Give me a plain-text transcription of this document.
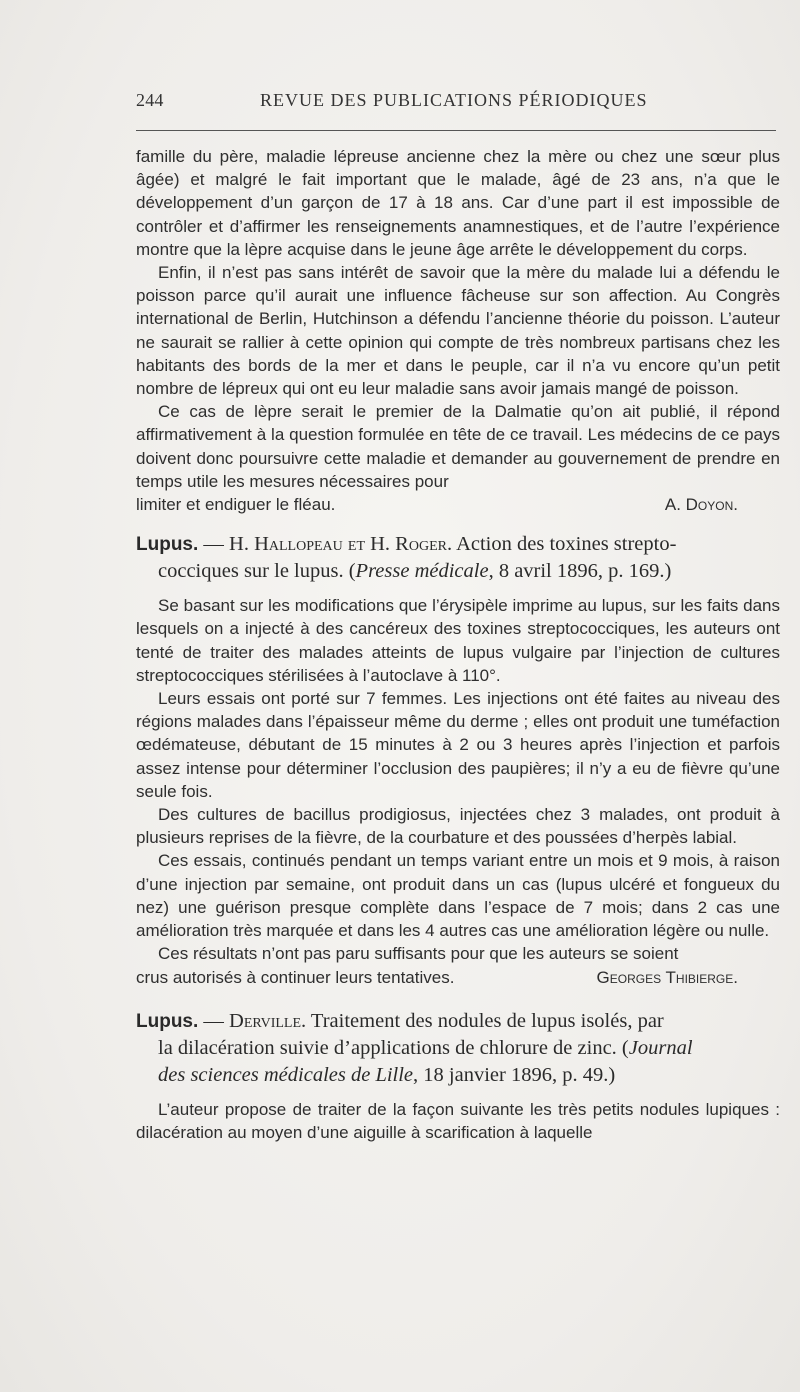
244	REVUE DES PUBLICATIONS PÉRIODIQUES

famille du père, maladie lépreuse ancienne chez la mère ou chez une sœur plus âgée) et malgré le fait important que le malade, âgé de 23 ans, n’a que le développement d’un garçon de 17 à 18 ans. Car d’une part il est impossible de contrôler et d’affirmer les renseignements anamnestiques, et de l’autre l’expérience montre que la lèpre acquise dans le jeune âge arrête le développement du corps.

Enfin, il n’est pas sans intérêt de savoir que la mère du malade lui a défendu le poisson parce qu’il aurait une influence fâcheuse sur son affection. Au Congrès international de Berlin, Hutchinson a défendu l’ancienne théorie du poisson. L’auteur ne saurait se rallier à cette opinion qui compte de très nombreux partisans chez les habitants des bords de la mer et dans le peuple, car il n’a vu encore qu’un petit nombre de lépreux qui ont eu leur maladie sans avoir jamais mangé de poisson.

Ce cas de lèpre serait le premier de la Dalmatie qu’on ait publié, il répond affirmativement à la question formulée en tête de ce travail. Les médecins de ce pays doivent donc poursuivre cette maladie et demander au gouvernement de prendre en temps utile les mesures nécessaires pour

limiter et endiguer le fléau.	A. Doyon.

Lupus. — H. Hallopeau et H. Roger. Action des toxines strepto-

cocciques sur le lupus. (Presse médicale, 8 avril 1896, p. 169.)

Se basant sur les modifications que l’érysipèle imprime au lupus, sur les faits dans lesquels on a injecté à des cancéreux des toxines streptococciques, les auteurs ont tenté de traiter des malades atteints de lupus vulgaire par l’injection de cultures streptococciques stérilisées à l’autoclave à 110°.

Leurs essais ont porté sur 7 femmes. Les injections ont été faites au niveau des régions malades dans l’épaisseur même du derme ; elles ont produit une tuméfaction œdémateuse, débutant de 15 minutes à 2 ou 3 heures après l’injection et parfois assez intense pour déterminer l’occlusion des paupières; il n’y a eu de fièvre qu’une seule fois.

Des cultures de bacillus prodigiosus, injectées chez 3 malades, ont produit à plusieurs reprises de la fièvre, de la courbature et des poussées d’herpès labial.

Ces essais, continués pendant un temps variant entre un mois et 9 mois, à raison d’une injection par semaine, ont produit dans un cas (lupus ulcéré et fongueux du nez) une guérison presque complète dans l’espace de 7 mois; dans 2 cas une amélioration très marquée et dans les 4 autres cas une amélioration légère ou nulle.

Ces résultats n’ont pas paru suffisants pour que les auteurs se soient

crus autorisés à continuer leurs tentatives.	Georges Thibierge.

Lupus. — Derville. Traitement des nodules de lupus isolés, par

la dilacération suivie d’applications de chlorure de zinc. (Journal

des sciences médicales de Lille, 18 janvier 1896, p. 49.)

L’auteur propose de traiter de la façon suivante les très petits nodules lupiques : dilacération au moyen d’une aiguille à scarification à laquelle
